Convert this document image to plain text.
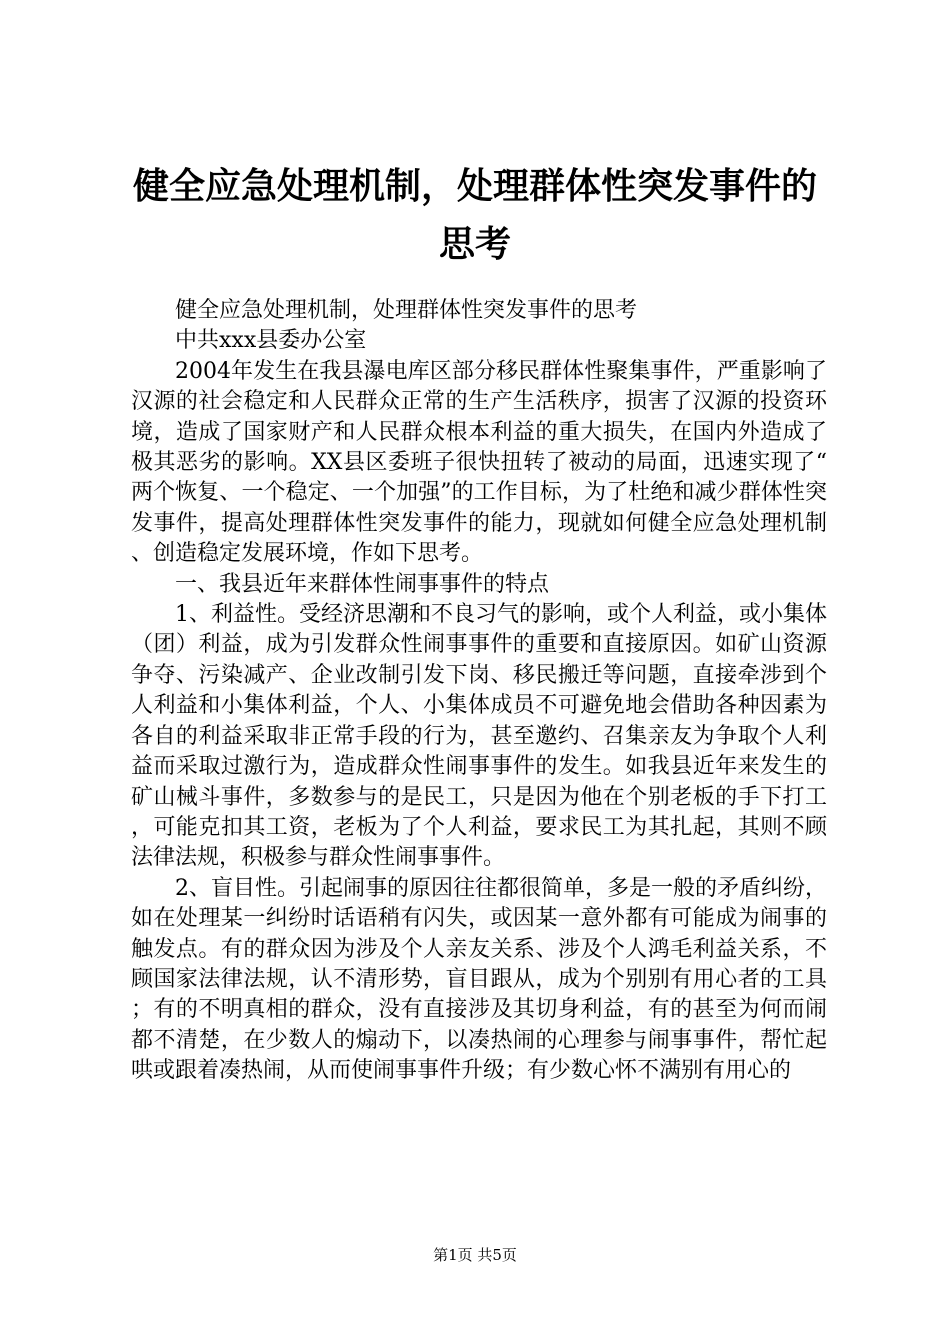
健全应急处理机制，处理群体性突发事件的思考

健全应急处理机制，处理群体性突发事件的思考

中共xxx县委办公室

2004年发生在我县瀑电库区部分移民群体性聚集事件，严重影响了汉源的社会稳定和人民群众正常的生产生活秩序，损害了汉源的投资环境，造成了国家财产和人民群众根本利益的重大损失，在国内外造成了极其恶劣的影响。XX县区委班子很快扭转了被动的局面，迅速实现了“两个恢复、一个稳定、一个加强”的工作目标，为了杜绝和减少群体性突发事件，提高处理群体性突发事件的能力，现就如何健全应急处理机制、创造稳定发展环境，作如下思考。

一、我县近年来群体性闹事事件的特点

1、利益性。受经济思潮和不良习气的影响，或个人利益，或小集体（团）利益，成为引发群众性闹事事件的重要和直接原因。如矿山资源争夺、污染减产、企业改制引发下岗、移民搬迁等问题，直接牵涉到个人利益和小集体利益，个人、小集体成员不可避免地会借助各种因素为各自的利益采取非正常手段的行为，甚至邀约、召集亲友为争取个人利益而采取过激行为，造成群众性闹事事件的发生。如我县近年来发生的矿山械斗事件，多数参与的是民工，只是因为他在个别老板的手下打工，可能克扣其工资，老板为了个人利益，要求民工为其扎起，其则不顾法律法规，积极参与群众性闹事事件。

2、盲目性。引起闹事的原因往往都很简单，多是一般的矛盾纠纷，如在处理某一纠纷时话语稍有闪失，或因某一意外都有可能成为闹事的触发点。有的群众因为涉及个人亲友关系、涉及个人鸿毛利益关系，不顾国家法律法规，认不清形势，盲目跟从，成为个别别有用心者的工具；有的不明真相的群众，没有直接涉及其切身利益，有的甚至为何而闹都不清楚，在少数人的煽动下，以凑热闹的心理参与闹事事件，帮忙起哄或跟着凑热闹，从而使闹事事件升级；有少数心怀不满别有用心的

第1页 共5页
